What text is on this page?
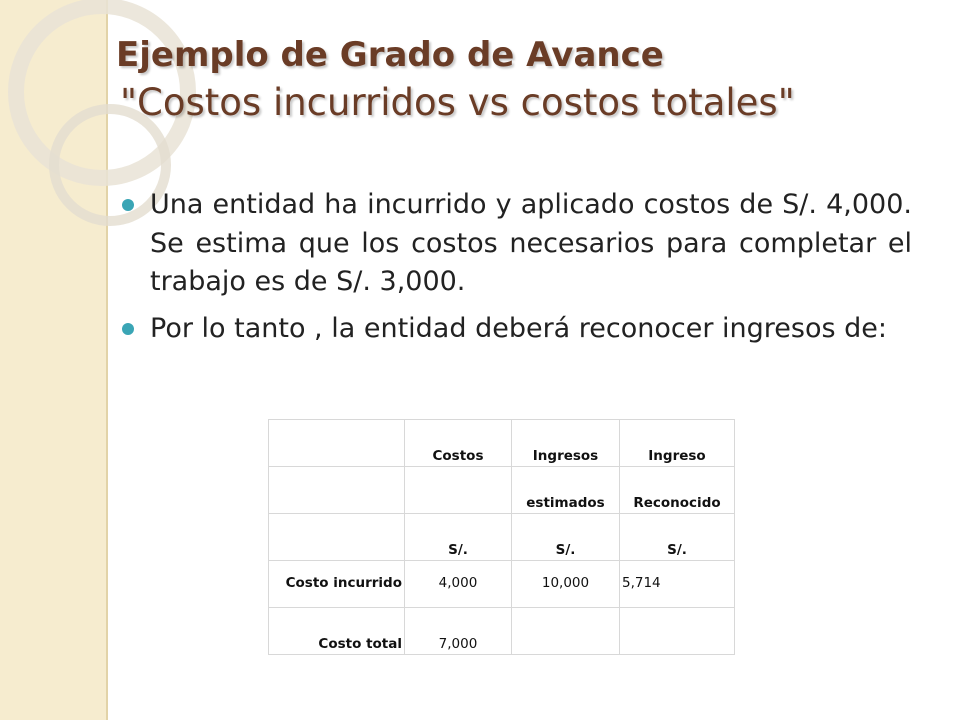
Ejemplo de Grado de Avance
"Costos incurridos vs costos totales"
Una entidad ha incurrido y aplicado costos de S/. 4,000. Se estima que los costos necesarios para completar el trabajo es de S/. 3,000.
Por lo tanto , la entidad deberá reconocer ingresos de:
	Costos	Ingresos	Ingreso
		estimados	Reconocido
	S/.	S/.	S/.
Costo incurrido	4,000	10,000	5,714
Costo total	7,000		
